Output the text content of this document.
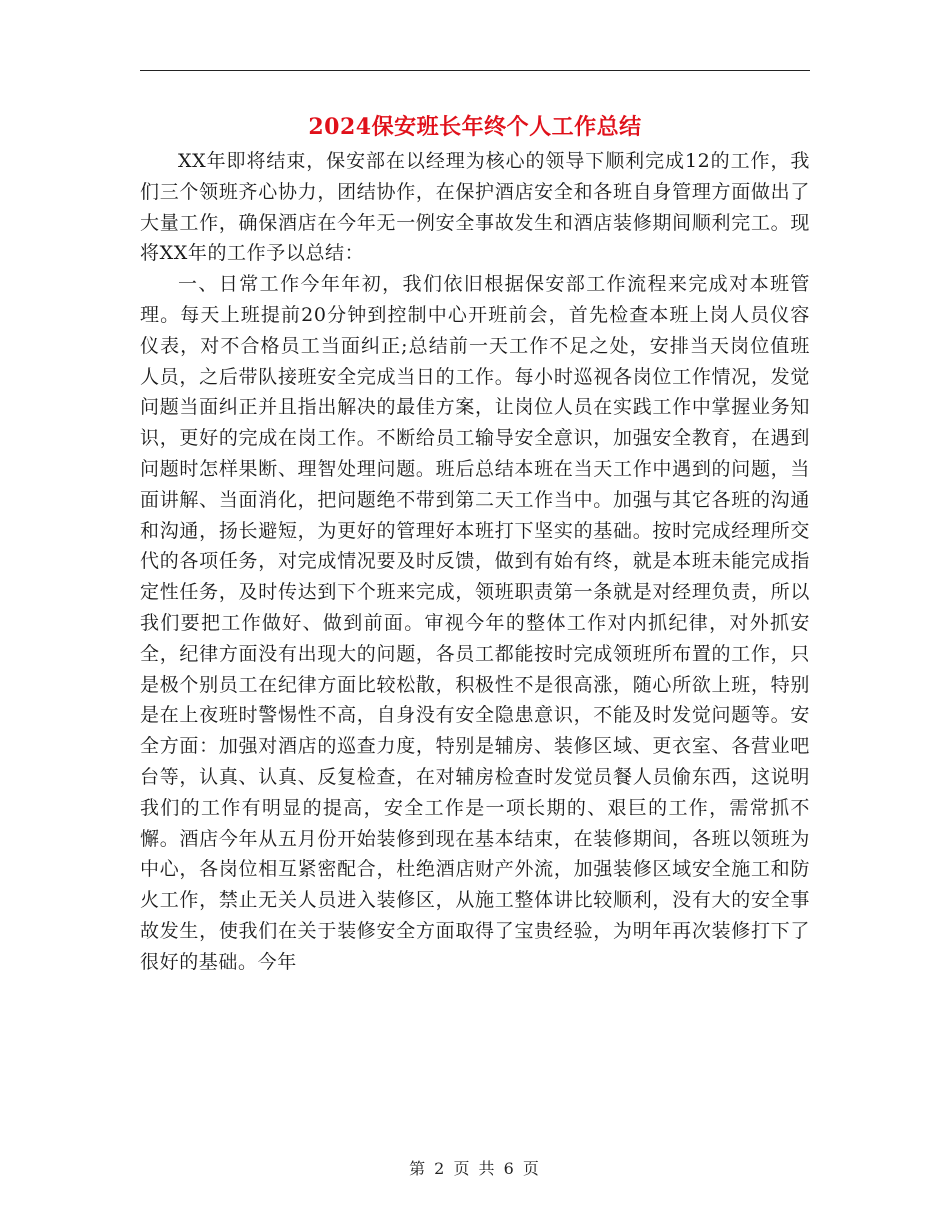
2024保安班长年终个人工作总结

XX年即将结束，保安部在以经理为核心的领导下顺利完成12的工作，我们三个领班齐心协力，团结协作，在保护酒店安全和各班自身管理方面做出了大量工作，确保酒店在今年无一例安全事故发生和酒店装修期间顺利完工。现将XX年的工作予以总结：

一、日常工作今年年初，我们依旧根据保安部工作流程来完成对本班管理。每天上班提前20分钟到控制中心开班前会，首先检查本班上岗人员仪容仪表，对不合格员工当面纠正;总结前一天工作不足之处，安排当天岗位值班人员，之后带队接班安全完成当日的工作。每小时巡视各岗位工作情况，发觉问题当面纠正并且指出解决的最佳方案，让岗位人员在实践工作中掌握业务知识，更好的完成在岗工作。不断给员工输导安全意识，加强安全教育，在遇到问题时怎样果断、理智处理问题。班后总结本班在当天工作中遇到的问题，当面讲解、当面消化，把问题绝不带到第二天工作当中。加强与其它各班的沟通和沟通，扬长避短，为更好的管理好本班打下坚实的基础。按时完成经理所交代的各项任务，对完成情况要及时反馈，做到有始有终，就是本班未能完成指定性任务，及时传达到下个班来完成，领班职责第一条就是对经理负责，所以我们要把工作做好、做到前面。审视今年的整体工作对内抓纪律，对外抓安全，纪律方面没有出现大的问题，各员工都能按时完成领班所布置的工作，只是极个别员工在纪律方面比较松散，积极性不是很高涨，随心所欲上班，特别是在上夜班时警惕性不高，自身没有安全隐患意识，不能及时发觉问题等。安全方面：加强对酒店的巡查力度，特别是辅房、装修区域、更衣室、各营业吧台等，认真、认真、反复检查，在对辅房检查时发觉员餐人员偷东西，这说明我们的工作有明显的提高，安全工作是一项长期的、艰巨的工作，需常抓不懈。酒店今年从五月份开始装修到现在基本结束，在装修期间，各班以领班为中心，各岗位相互紧密配合，杜绝酒店财产外流，加强装修区域安全施工和防火工作，禁止无关人员进入装修区，从施工整体讲比较顺利，没有大的安全事故发生，使我们在关于装修安全方面取得了宝贵经验，为明年再次装修打下了很好的基础。今年

第 2 页 共 6 页
